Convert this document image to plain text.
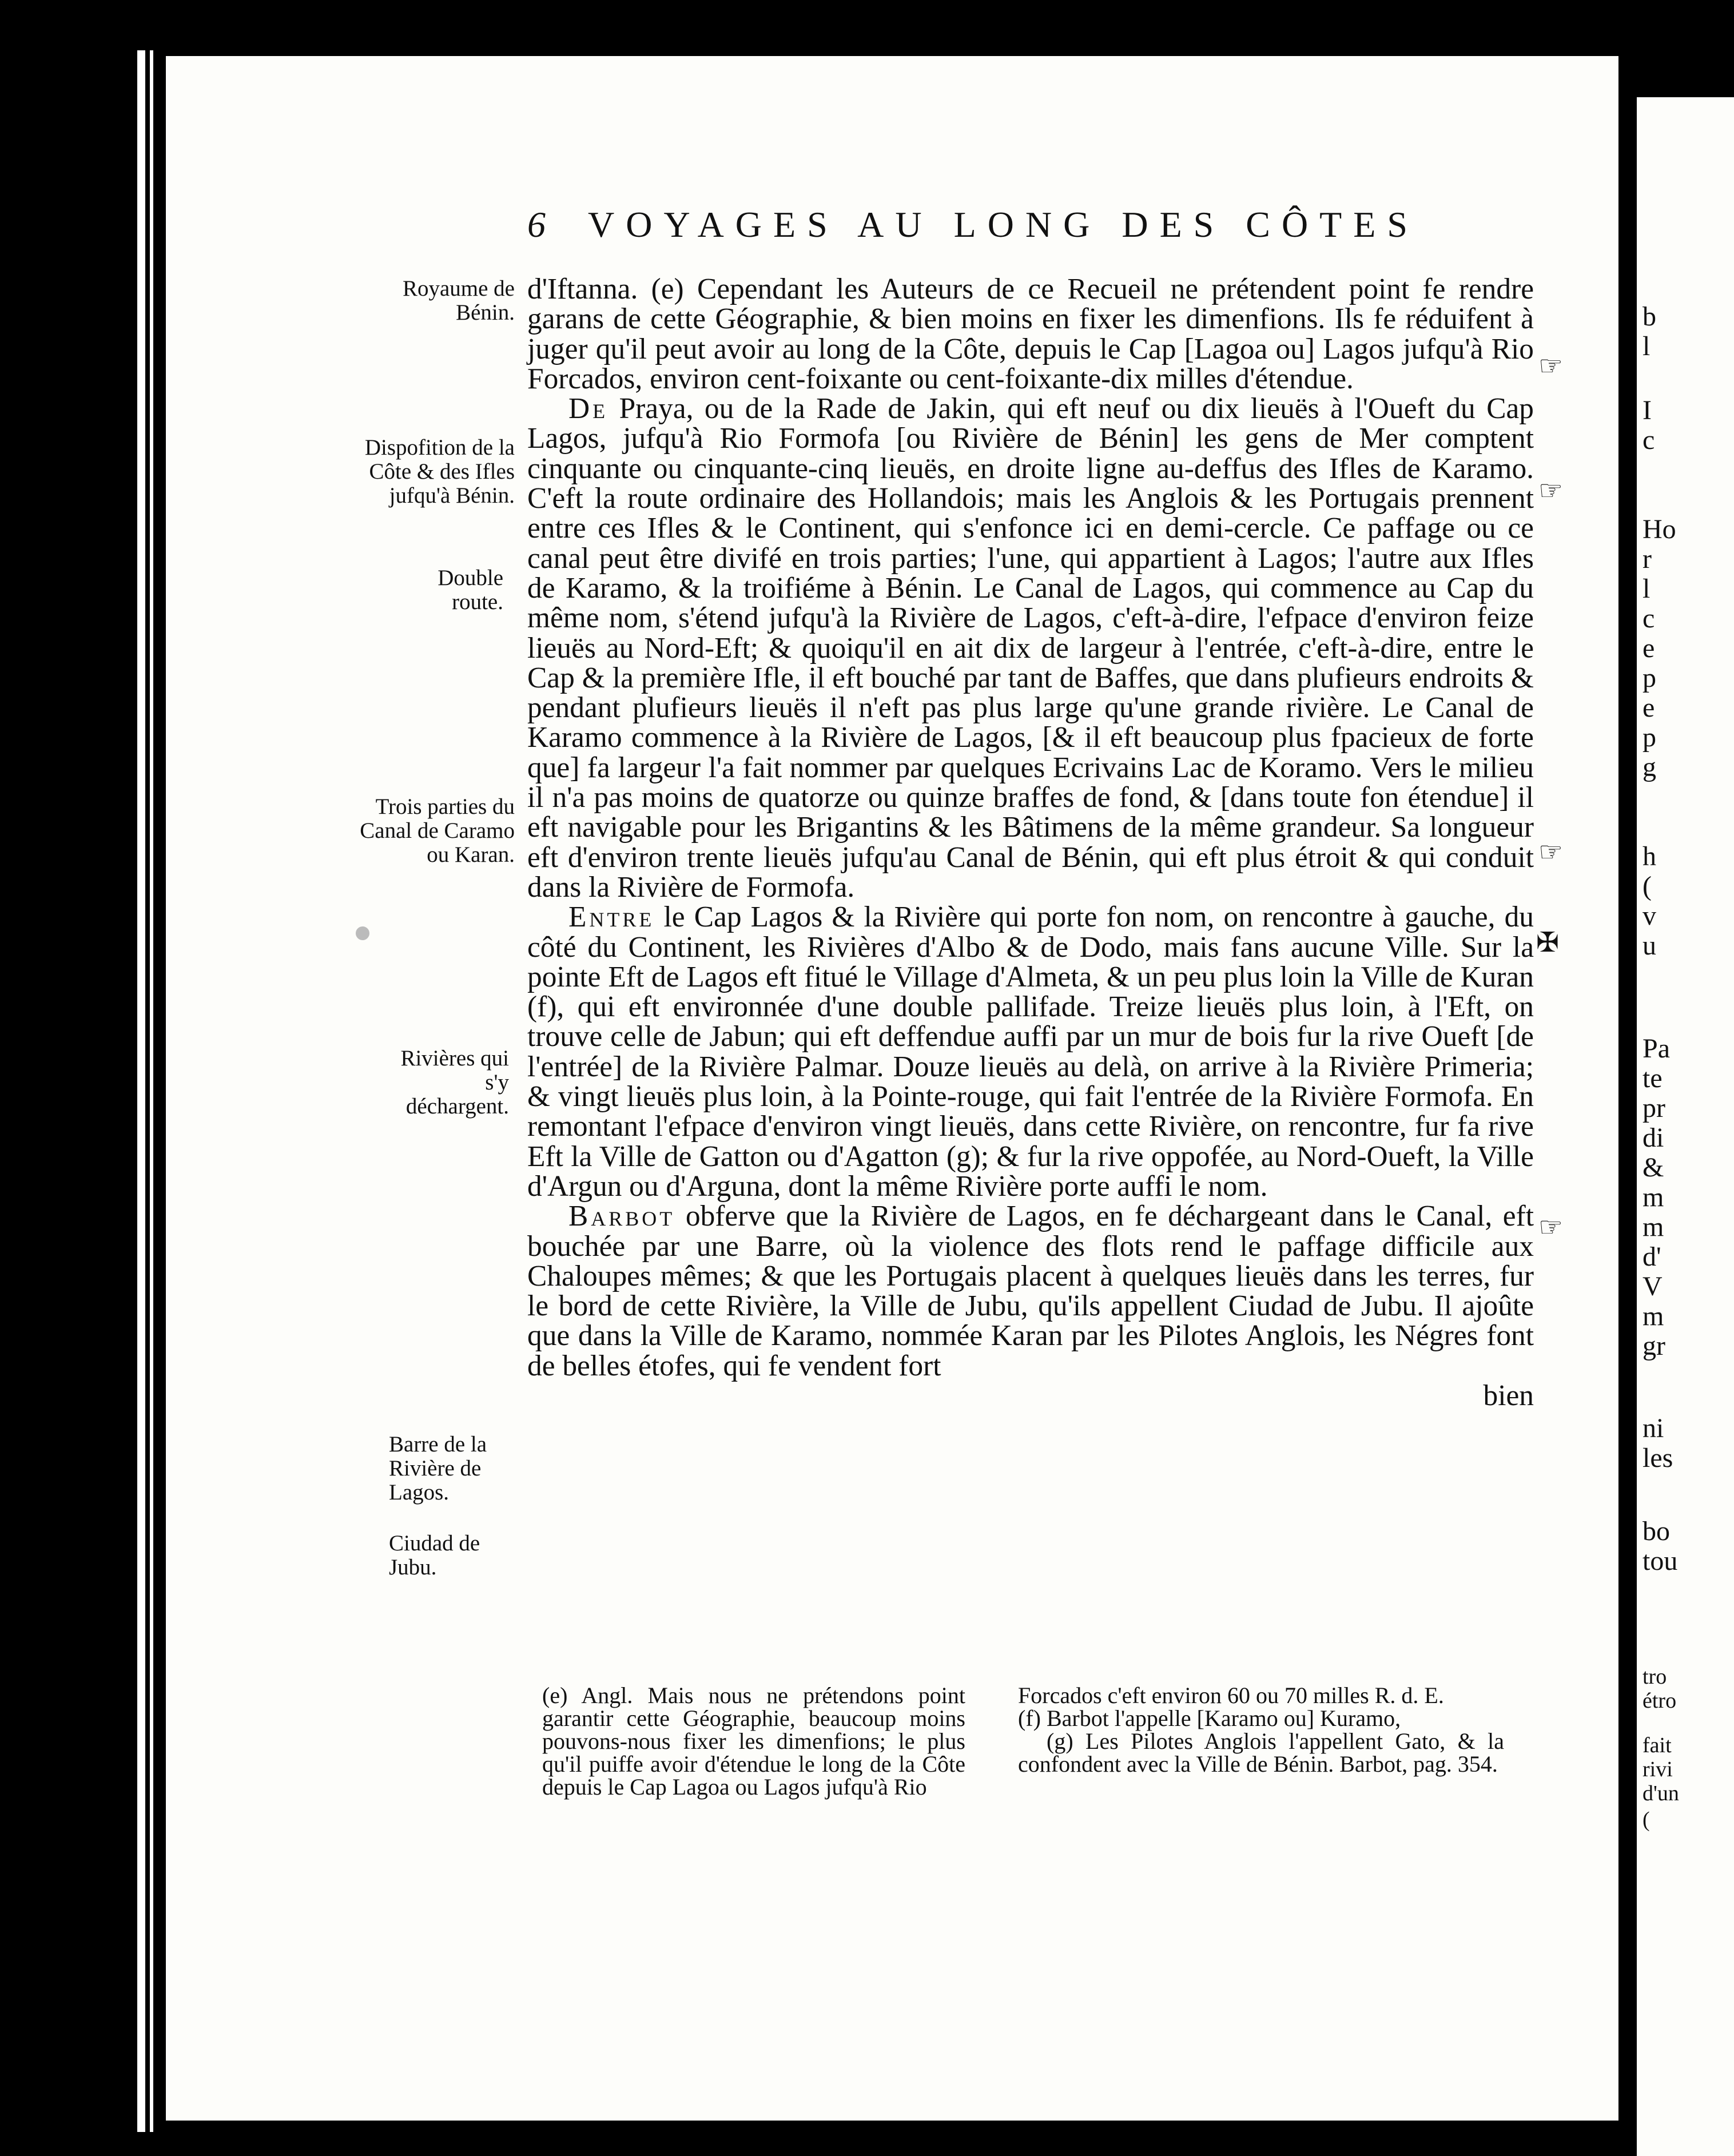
6 VOYAGES AU LONG DES CÔTES
Royaume de Bénin.
Dispofition de la Côte & des Ifles jufqu'à Bénin.
Double route.
Trois parties du Canal de Caramo ou Karan.
Rivières qui s'y déchargent.
Barre de la Rivière de Lagos.
Ciudad de Jubu.

d'Iftanna. (e) Cependant les Auteurs de ce Recueil ne prétendent point fe rendre garans de cette Géographie, & bien moins en fixer les dimenfions. Ils fe réduifent à juger qu'il peut avoir au long de la Côte, depuis le Cap [Lagoa ou] Lagos jufqu'à Rio Forcados, environ cent-foixante ou cent-foixante-dix milles d'étendue.

De Praya, ou de la Rade de Jakin, qui eft neuf ou dix lieuës à l'Oueft du Cap Lagos, jufqu'à Rio Formofa [ou Rivière de Bénin] les gens de Mer comptent cinquante ou cinquante-cinq lieuës, en droite ligne au-deffus des Ifles de Karamo. C'eft la route ordinaire des Hollandois; mais les Anglois & les Portugais prennent entre ces Ifles & le Continent, qui s'enfonce ici en demi-cercle. Ce paffage ou ce canal peut être divifé en trois parties; l'une, qui appartient à Lagos; l'autre aux Ifles de Karamo, & la troifiéme à Bénin. Le Canal de Lagos, qui commence au Cap du même nom, s'étend jufqu'à la Rivière de Lagos, c'eft-à-dire, l'efpace d'environ feize lieuës au Nord-Eft; & quoiqu'il en ait dix de largeur à l'entrée, c'eft-à-dire, entre le Cap & la première Ifle, il eft bouché par tant de Baffes, que dans plufieurs endroits & pendant plufieurs lieuës il n'eft pas plus large qu'une grande rivière. Le Canal de Karamo commence à la Rivière de Lagos, [& il eft beaucoup plus fpacieux de forte que] fa largeur l'a fait nommer par quelques Ecrivains Lac de Koramo. Vers le milieu il n'a pas moins de quatorze ou quinze braffes de fond, & [dans toute fon étendue] il eft navigable pour les Brigantins & les Bâtimens de la même grandeur. Sa longueur eft d'environ trente lieuës jufqu'au Canal de Bénin, qui eft plus étroit & qui conduit dans la Rivière de Formofa.

Entre le Cap Lagos & la Rivière qui porte fon nom, on rencontre à gauche, du côté du Continent, les Rivières d'Albo & de Dodo, mais fans aucune Ville. Sur la pointe Eft de Lagos eft fitué le Village d'Almeta, & un peu plus loin la Ville de Kuran (f), qui eft environnée d'une double pallifade. Treize lieuës plus loin, à l'Eft, on trouve celle de Jabun; qui eft deffendue auffi par un mur de bois fur la rive Oueft [de l'entrée] de la Rivière Palmar. Douze lieuës au delà, on arrive à la Rivière Primeria; & vingt lieuës plus loin, à la Pointe-rouge, qui fait l'entrée de la Rivière Formofa. En remontant l'efpace d'environ vingt lieuës, dans cette Rivière, on rencontre, fur fa rive Eft la Ville de Gatton ou d'Agatton (g); & fur la rive oppofée, au Nord-Oueft, la Ville d'Argun ou d'Arguna, dont la même Rivière porte auffi le nom.

Barbot obferve que la Rivière de Lagos, en fe déchargeant dans le Canal, eft bouchée par une Barre, où la violence des flots rend le paffage difficile aux Chaloupes mêmes; & que les Portugais placent à quelques lieuës dans les terres, fur le bord de cette Rivière, la Ville de Jubu, qu'ils appellent Ciudad de Jubu. Il ajoûte que dans la Ville de Karamo, nommée Karan par les Pilotes Anglois, les Négres font de belles étofes, qui fe vendent fort

bien

☞
☞
☞
✠
☞

(e) Angl. Mais nous ne prétendons point garantir cette Géographie, beaucoup moins pouvons-nous fixer les dimenfions; le plus qu'il puiffe avoir d'étendue le long de la Côte depuis le Cap Lagoa ou Lagos jufqu'à Rio

Forcados c'eft environ 60 ou 70 milles R. d. E.

(f) Barbot l'appelle [Karamo ou] Kuramo,

(g) Les Pilotes Anglois l'appellent Gato, & la confondent avec la Ville de Bénin. Barbot, pag. 354.

b
l
I
c
Ho
r
l
c
e
p
e
p
g
h
(
v
u
Pa
te
pr
di
&
m
m
d'
V
m
gr
ni
les
bo
tou
tro
étro
fait
rivi
d'un
(
